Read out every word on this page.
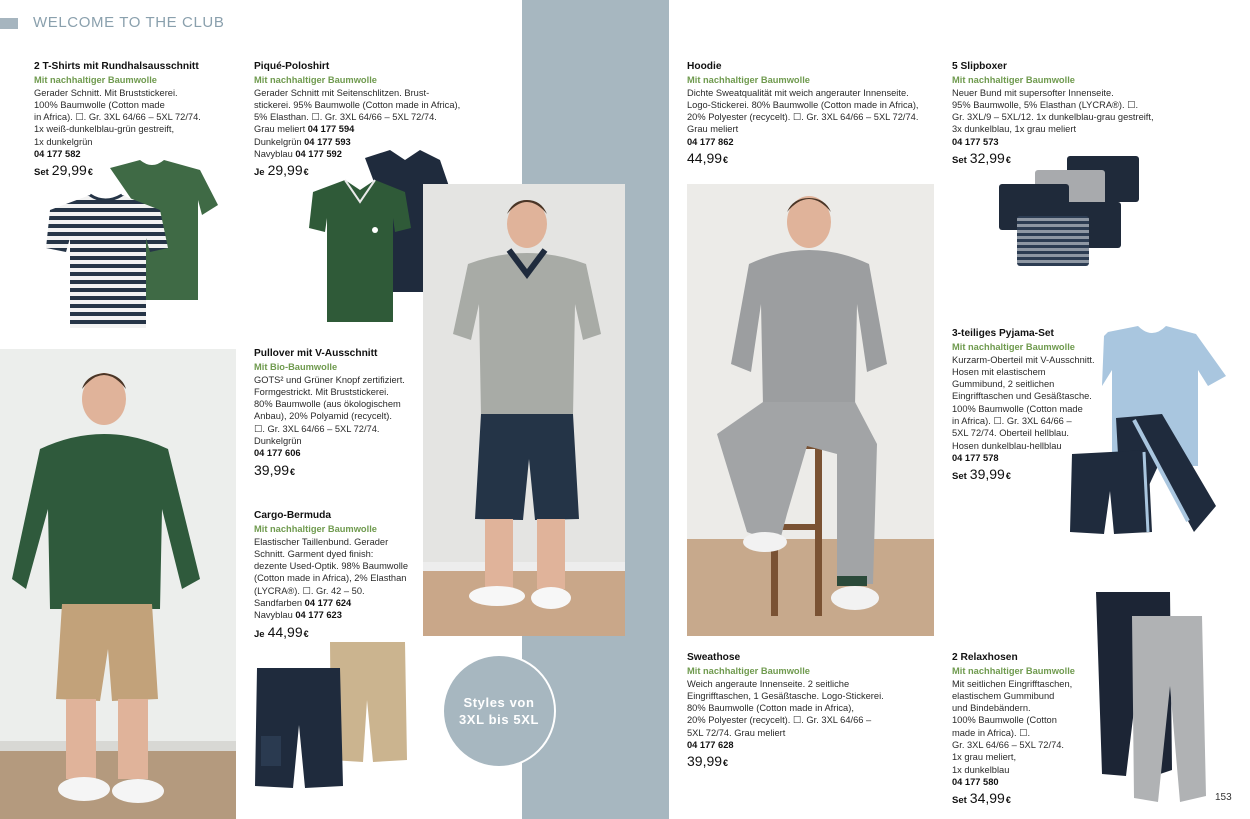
WELCOME TO THE CLUB
2 T-Shirts mit Rundhalsausschnitt
Mit nachhaltiger Baumwolle
Gerader Schnitt. Mit Bruststickerei.
100% Baumwolle (Cotton made
in Africa). ☐. Gr. 3XL 64/66 – 5XL 72/74.
1x weiß-dunkelblau-grün gestreift,
1x dunkelgrün
04 177 582
Set 29,99€
Piqué-Poloshirt
Mit nachhaltiger Baumwolle
Gerader Schnitt mit Seitenschlitzen. Brust-
stickerei. 95% Baumwolle (Cotton made in Africa),
5% Elasthan. ☐. Gr. 3XL 64/66 – 5XL 72/74.
Grau meliert 04 177 594
Dunkelgrün 04 177 593
Navyblau 04 177 592
Je 29,99€
Pullover mit V-Ausschnitt
Mit Bio-Baumwolle
GOTS² und Grüner Knopf zertifiziert.
Formgestrickt. Mit Bruststickerei.
80% Baumwolle (aus ökologischem
Anbau), 20% Polyamid (recycelt).
☐. Gr. 3XL 64/66 – 5XL 72/74.
Dunkelgrün
04 177 606
39,99€
Cargo-Bermuda
Mit nachhaltiger Baumwolle
Elastischer Taillenbund. Gerader
Schnitt. Garment dyed finish:
dezente Used-Optik. 98% Baumwolle
(Cotton made in Africa), 2% Elasthan
(LYCRA®). ☐. Gr. 42 – 50.
Sandfarben 04 177 624
Navyblau 04 177 623
Je 44,99€
Styles von
3XL bis 5XL
Hoodie
Mit nachhaltiger Baumwolle
Dichte Sweatqualität mit weich angerauter Innenseite.
Logo-Stickerei. 80% Baumwolle (Cotton made in Africa),
20% Polyester (recycelt). ☐. Gr. 3XL 64/66 – 5XL 72/74.
Grau meliert
04 177 862
44,99€
Sweathose
Mit nachhaltiger Baumwolle
Weich angeraute Innenseite. 2 seitliche
Eingrifftaschen, 1 Gesäßtasche. Logo-Stickerei.
80% Baumwolle (Cotton made in Africa),
20% Polyester (recycelt). ☐. Gr. 3XL 64/66 –
5XL 72/74. Grau meliert
04 177 628
39,99€
5 Slipboxer
Mit nachhaltiger Baumwolle
Neuer Bund mit supersofter Innenseite.
95% Baumwolle, 5% Elasthan (LYCRA®). ☐.
Gr. 3XL/9 – 5XL/12. 1x dunkelblau-grau gestreift,
3x dunkelblau, 1x grau meliert
04 177 573
Set 32,99€
3-teiliges Pyjama-Set
Mit nachhaltiger Baumwolle
Kurzarm-Oberteil mit V-Ausschnitt.
Hosen mit elastischem
Gummibund, 2 seitlichen
Eingrifftaschen und Gesäßtasche.
100% Baumwolle (Cotton made
in Africa). ☐. Gr. 3XL 64/66 –
5XL 72/74. Oberteil hellblau.
Hosen dunkelblau-hellblau
04 177 578
Set 39,99€
2 Relaxhosen
Mit nachhaltiger Baumwolle
Mit seitlichen Eingrifftaschen,
elastischem Gummibund
und Bindebändern.
100% Baumwolle (Cotton
made in Africa). ☐.
Gr. 3XL 64/66 – 5XL 72/74.
1x grau meliert,
1x dunkelblau
04 177 580
Set 34,99€	153
